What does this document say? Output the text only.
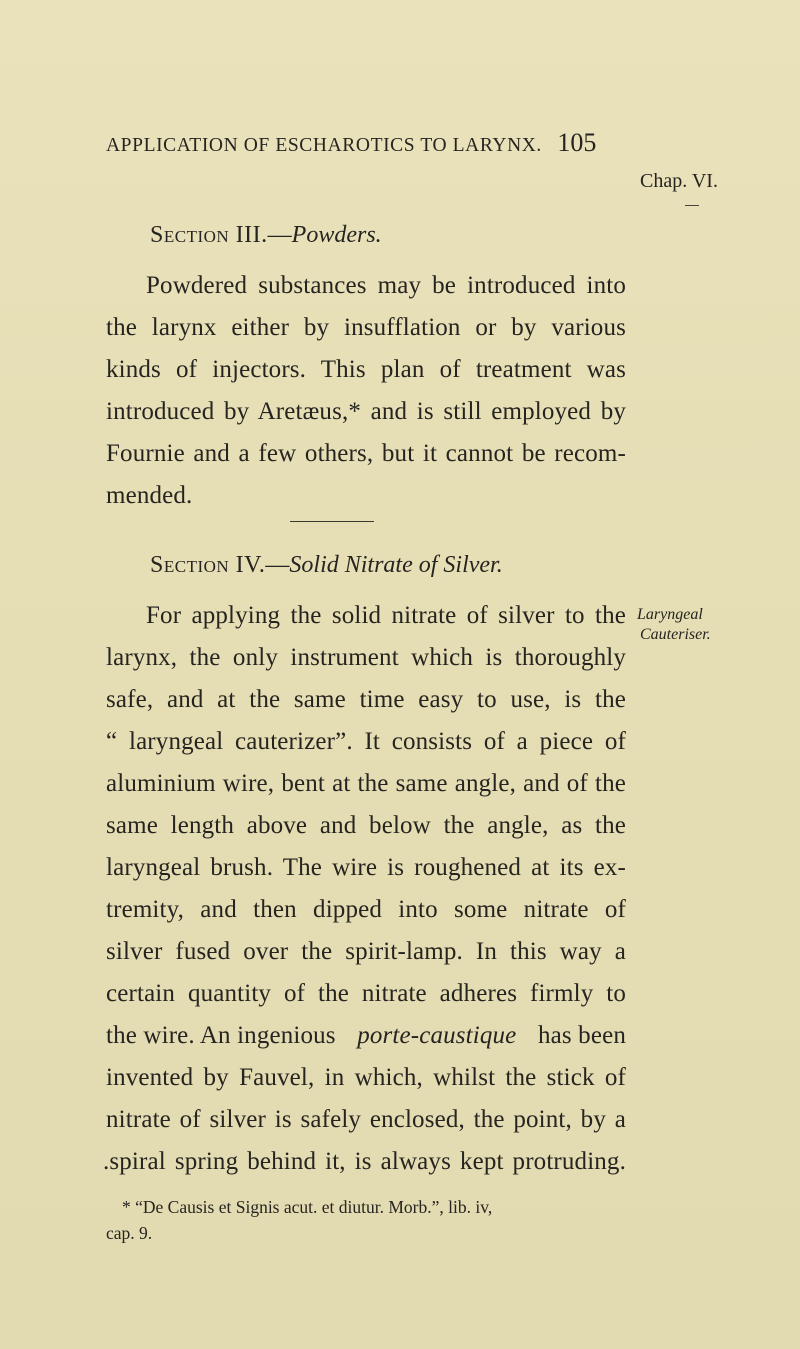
APPLICATION OF ESCHAROTICS TO LARYNX. 105
Chap. VI.
Section III.—Powders.
Powdered substances may be introduced into
the larynx either by insufflation or by various
kinds of injectors. This plan of treatment was
introduced by Aretæus,* and is still employed by
Fournie and a few others, but it cannot be recom-
mended.
Section IV.—Solid Nitrate of Silver.
For applying the solid nitrate of silver to the Laryngeal
larynx, the only instrument which is thoroughly
Cauteriser.
safe, and at the same time easy to use, is the
“ laryngeal cauterizer”. It consists of a piece of
aluminium wire, bent at the same angle, and of the
same length above and below the angle, as the
laryngeal brush. The wire is roughened at its ex-
tremity, and then dipped into some nitrate of
silver fused over the spirit-lamp. In this way a
certain quantity of the nitrate adheres firmly to
the wire. An ingenious porte-caustique has been
invented by Fauvel, in which, whilst the stick of
nitrate of silver is safely enclosed, the point, by a
.spiral spring behind it, is always kept protruding.
* “De Causis et Signis acut. et diutur. Morb.”, lib. iv,
cap. 9.
